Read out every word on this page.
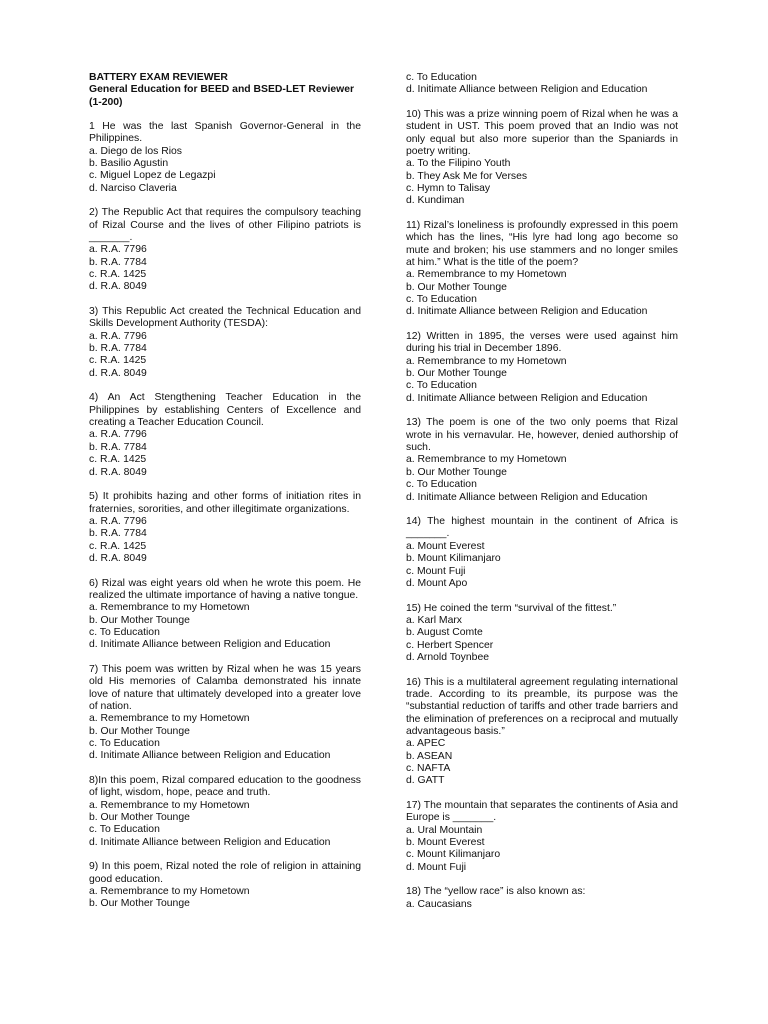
BATTERY EXAM REVIEWER
General Education for BEED and BSED-LET Reviewer
(1-200)
1 He was the last Spanish Governor-General in the Philippines.
a. Diego de los Rios
b. Basilio Agustin
c. Miguel Lopez de Legazpi
d. Narciso Claveria
2) The Republic Act that requires the compulsory teaching of Rizal Course and the lives of other Filipino patriots is _______.
a. R.A. 7796
b. R.A. 7784
c. R.A. 1425
d. R.A. 8049
3) This Republic Act created the Technical Education and Skills Development Authority (TESDA):
a. R.A. 7796
b. R.A. 7784
c. R.A. 1425
d. R.A. 8049
4) An Act Stengthening Teacher Education in the Philippines by establishing Centers of Excellence and creating a Teacher Education Council.
a. R.A. 7796
b. R.A. 7784
c. R.A. 1425
d. R.A. 8049
5) It prohibits hazing and other forms of initiation rites in fraternies, sororities, and other illegitimate organizations.
a. R.A. 7796
b. R.A. 7784
c. R.A. 1425
d. R.A. 8049
6) Rizal was eight years old when he wrote this poem. He realized the ultimate importance of having a native tongue.
a. Remembrance to my Hometown
b. Our Mother Tounge
c. To Education
d. Initimate Alliance between Religion and Education
7) This poem was written by Rizal when he was 15 years old His memories of Calamba demonstrated his innate love of nature that ultimately developed into a greater love of nation.
a. Remembrance to my Hometown
b. Our Mother Tounge
c. To Education
d. Initimate Alliance between Religion and Education
8)In this poem, Rizal compared education to the goodness of light, wisdom, hope, peace and truth.
a. Remembrance to my Hometown
b. Our Mother Tounge
c. To Education
d. Initimate Alliance between Religion and Education
9) In this poem, Rizal noted the role of religion in attaining good education.
a. Remembrance to my Hometown
b. Our Mother Tounge
c. To Education
d. Initimate Alliance between Religion and Education
10) This was a prize winning poem of Rizal when he was a student in UST. This poem proved that an Indio was not only equal but also more superior than the Spaniards in poetry writing.
a. To the Filipino Youth
b. They Ask Me for Verses
c. Hymn to Talisay
d. Kundiman
11) Rizal’s loneliness is profoundly expressed in this poem which has the lines, “His lyre had long ago become so mute and broken; his use stammers and no longer smiles at him.” What is the title of the poem?
a. Remembrance to my Hometown
b. Our Mother Tounge
c. To Education
d. Initimate Alliance between Religion and Education
12) Written in 1895, the verses were used against him during his trial in December 1896.
a. Remembrance to my Hometown
b. Our Mother Tounge
c. To Education
d. Initimate Alliance between Religion and Education
13) The poem is one of the two only poems that Rizal wrote in his vernavular. He, however, denied authorship of such.
a. Remembrance to my Hometown
b. Our Mother Tounge
c. To Education
d. Initimate Alliance between Religion and Education
14) The highest mountain in the continent of Africa is _______.
a. Mount Everest
b. Mount Kilimanjaro
c. Mount Fuji
d. Mount Apo
15) He coined the term “survival of the fittest.”
a. Karl Marx
b. August Comte
c. Herbert Spencer
d. Arnold Toynbee
16) This is a multilateral agreement regulating international trade. According to its preamble, its purpose was the “substantial reduction of tariffs and other trade barriers and the elimination of preferences on a reciprocal and mutually advantageous basis.”
a. APEC
b. ASEAN
c. NAFTA
d. GATT
17) The mountain that separates the continents of Asia and Europe is _______.
a. Ural Mountain
b. Mount Everest
c. Mount Kilimanjaro
d. Mount Fuji
18) The “yellow race” is also known as:
a. Caucasians
